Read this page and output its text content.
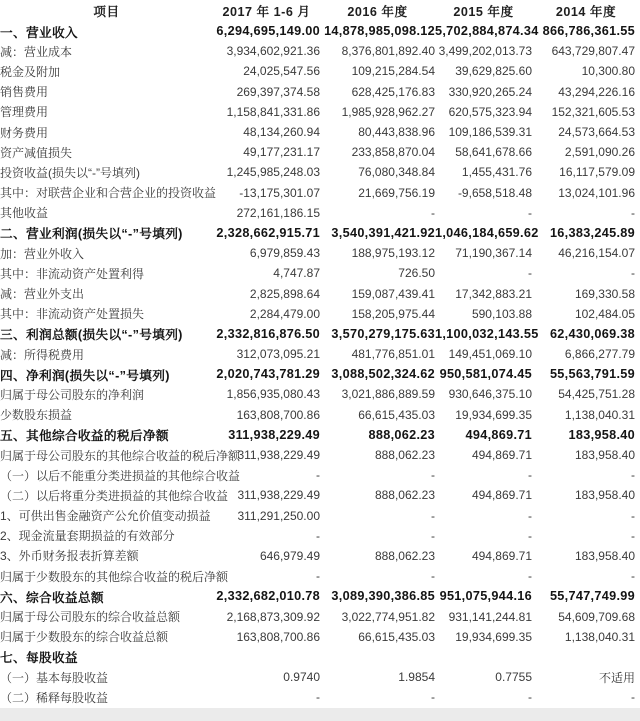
项目	2017 年 1-6 月	2016 年度	2015 年度	2014 年度
一、营业收入	6,294,695,149.00	14,878,985,098.12	5,702,884,874.34	866,786,361.55
减：营业成本	3,934,602,921.36	8,376,801,892.40	3,499,202,013.73	643,729,807.47
税金及附加	24,025,547.56	109,215,284.54	39,629,825.60	10,300.80
销售费用	269,397,374.58	628,425,176.83	330,920,265.24	43,294,226.16
管理费用	1,158,841,331.86	1,985,928,962.27	620,575,323.94	152,321,605.53
财务费用	48,134,260.94	80,443,838.96	109,186,539.31	24,573,664.53
资产减值损失	49,177,231.17	233,858,870.04	58,641,678.66	2,591,090.26
投资收益(损失以“-”号填列)	1,245,985,248.03	76,080,348.84	1,455,431.76	16,117,579.09
其中：对联营企业和合营企业的投资收益	-13,175,301.07	21,669,756.19	-9,658,518.48	13,024,101.96
其他收益	272,161,186.15	-	-	-
二、营业利润(损失以“-”号填列)	2,328,662,915.71	3,540,391,421.92	1,046,184,659.62	16,383,245.89
加：营业外收入	6,979,859.43	188,975,193.12	71,190,367.14	46,216,154.07
其中：非流动资产处置利得	4,747.87	726.50	-	-
减：营业外支出	2,825,898.64	159,087,439.41	17,342,883.21	169,330.58
其中：非流动资产处置损失	2,284,479.00	158,205,975.44	590,103.88	102,484.05
三、利润总额(损失以“-”号填列)	2,332,816,876.50	3,570,279,175.63	1,100,032,143.55	62,430,069.38
减：所得税费用	312,073,095.21	481,776,851.01	149,451,069.10	6,866,277.79
四、净利润(损失以“-”号填列)	2,020,743,781.29	3,088,502,324.62	950,581,074.45	55,563,791.59
归属于母公司股东的净利润	1,856,935,080.43	3,021,886,889.59	930,646,375.10	54,425,751.28
少数股东损益	163,808,700.86	66,615,435.03	19,934,699.35	1,138,040.31
五、其他综合收益的税后净额	311,938,229.49	888,062.23	494,869.71	183,958.40
归属于母公司股东的其他综合收益的税后净额	311,938,229.49	888,062.23	494,869.71	183,958.40
（一）以后不能重分类进损益的其他综合收益	-	-	-	-
（二）以后将重分类进损益的其他综合收益	311,938,229.49	888,062.23	494,869.71	183,958.40
1、可供出售金融资产公允价值变动损益	311,291,250.00	-	-	-
2、现金流量套期损益的有效部分	-	-	-	-
3、外币财务报表折算差额	646,979.49	888,062.23	494,869.71	183,958.40
归属于少数股东的其他综合收益的税后净额	-	-	-	-
六、综合收益总额	2,332,682,010.78	3,089,390,386.85	951,075,944.16	55,747,749.99
归属于母公司股东的综合收益总额	2,168,873,309.92	3,022,774,951.82	931,141,244.81	54,609,709.68
归属于少数股东的综合收益总额	163,808,700.86	66,615,435.03	19,934,699.35	1,138,040.31
七、每股收益				
（一）基本每股收益	0.9740	1.9854	0.7755	不适用
（二）稀释每股收益	-	-	-	-
